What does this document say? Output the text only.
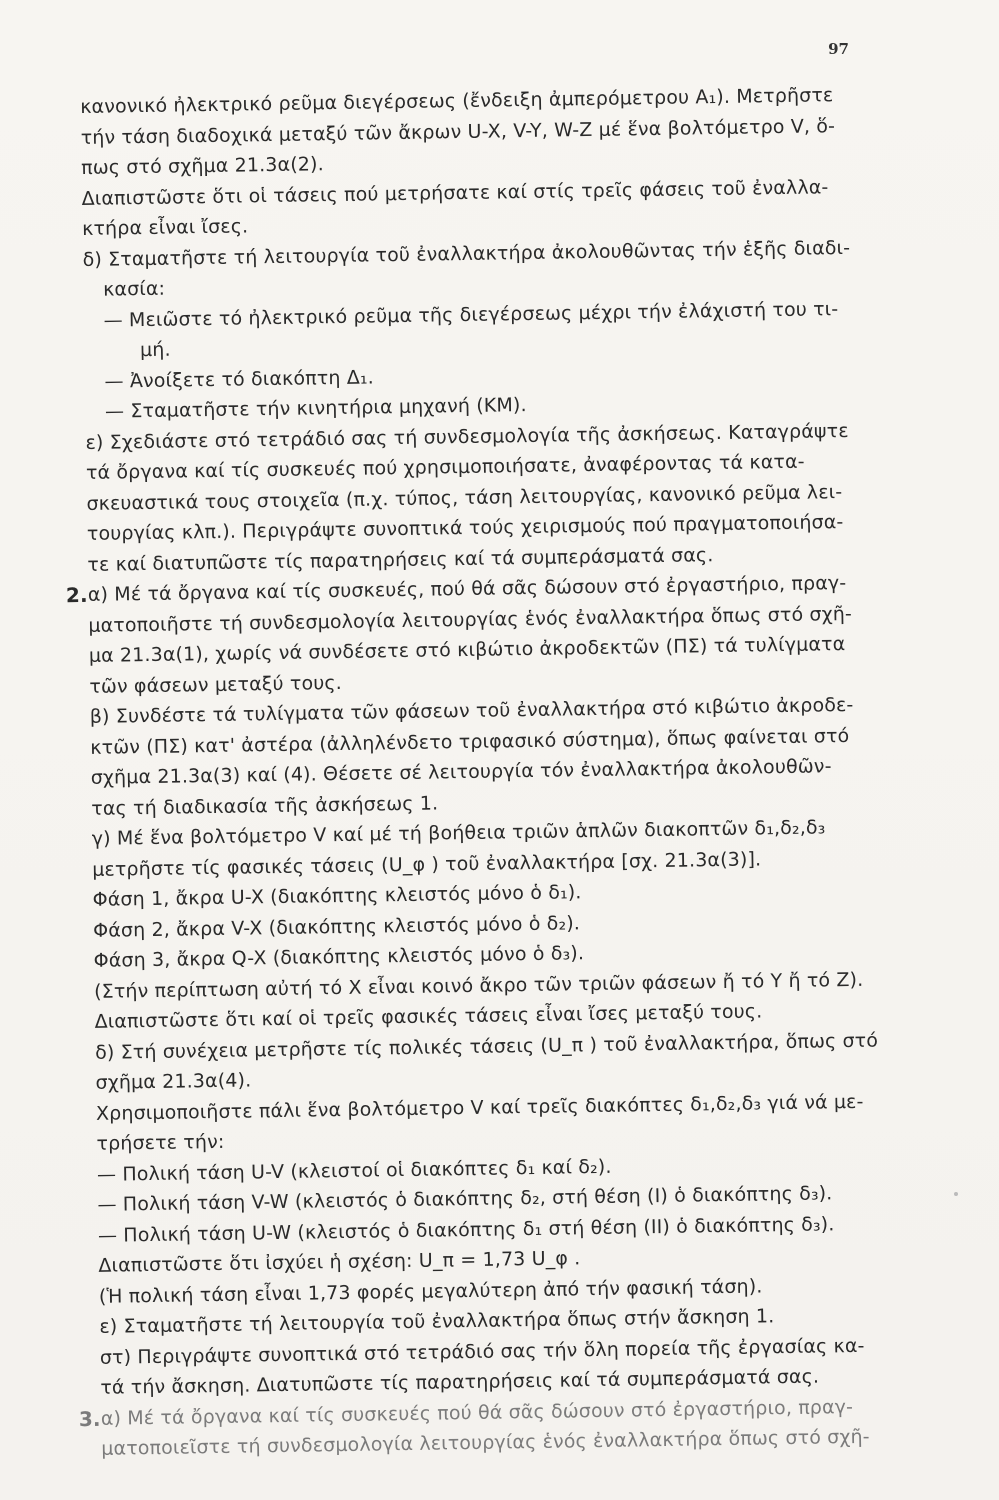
97
κανονικό ἠλεκτρικό ρεῦμα διεγέρσεως (ἔνδειξη ἀμπερόμετρου A₁). Μετρῆστε
τήν τάση διαδοχικά μεταξύ τῶν ἄκρων U-X, V-Y, W-Z μέ ἕνα βολτόμετρο V, ὅ-
πως στό σχῆμα 21.3α(2).
Διαπιστῶστε ὅτι οἱ τάσεις πού μετρήσατε καί στίς τρεῖς φάσεις τοῦ ἐναλλα-
κτήρα εἶναι ἴσες.
δ) Σταματῆστε τή λειτουργία τοῦ ἐναλλακτήρα ἀκολουθῶντας τήν ἑξῆς διαδι-
κασία:
— Μειῶστε τό ἠλεκτρικό ρεῦμα τῆς διεγέρσεως μέχρι τήν ἐλάχιστή του τι-
μή.
— Ἀνοίξετε τό διακόπτη Δ₁.
— Σταματῆστε τήν κινητήρια μηχανή (ΚΜ).
ε) Σχεδιάστε στό τετράδιό σας τή συνδεσμολογία τῆς ἀσκήσεως. Καταγράψτε
τά ὄργανα καί τίς συσκευές πού χρησιμοποιήσατε, ἀναφέροντας τά κατα-
σκευαστικά τους στοιχεῖα (π.χ. τύπος, τάση λειτουργίας, κανονικό ρεῦμα λει-
τουργίας κλπ.). Περιγράψτε συνοπτικά τούς χειρισμούς πού πραγματοποιήσα-
τε καί διατυπῶστε τίς παρατηρήσεις καί τά συμπεράσματά σας.
2. α) Μέ τά ὄργανα καί τίς συσκευές, πού θά σᾶς δώσουν στό ἐργαστήριο, πραγ-
ματοποιῆστε τή συνδεσμολογία λειτουργίας ἑνός ἐναλλακτήρα ὅπως στό σχῆ-
μα 21.3α(1), χωρίς νά συνδέσετε στό κιβώτιο ἀκροδεκτῶν (ΠΣ) τά τυλίγματα
τῶν φάσεων μεταξύ τους.
β) Συνδέστε τά τυλίγματα τῶν φάσεων τοῦ ἐναλλακτήρα στό κιβώτιο ἀκροδε-
κτῶν (ΠΣ) κατ' ἀστέρα (ἀλληλένδετο τριφασικό σύστημα), ὅπως φαίνεται στό
σχῆμα 21.3α(3) καί (4). Θέσετε σέ λειτουργία τόν ἐναλλακτήρα ἀκολουθῶν-
τας τή διαδικασία τῆς ἀσκήσεως 1.
γ) Μέ ἕνα βολτόμετρο V καί μέ τή βοήθεια τριῶν ἁπλῶν διακοπτῶν δ₁,δ₂,δ₃
μετρῆστε τίς φασικές τάσεις (U_φ ) τοῦ ἐναλλακτήρα [σχ. 21.3α(3)].
Φάση 1, ἄκρα U-X (διακόπτης κλειστός μόνο ὁ δ₁).
Φάση 2, ἄκρα V-X (διακόπτης κλειστός μόνο ὁ δ₂).
Φάση 3, ἄκρα Q-X (διακόπτης κλειστός μόνο ὁ δ₃).
(Στήν περίπτωση αὐτή τό X εἶναι κοινό ἄκρο τῶν τριῶν φάσεων ἤ τό Y ἤ τό Z).
Διαπιστῶστε ὅτι καί οἱ τρεῖς φασικές τάσεις εἶναι ἴσες μεταξύ τους.
δ) Στή συνέχεια μετρῆστε τίς πολικές τάσεις (U_π ) τοῦ ἐναλλακτήρα, ὅπως στό
σχῆμα 21.3α(4).
Χρησιμοποιῆστε πάλι ἕνα βολτόμετρο V καί τρεῖς διακόπτες δ₁,δ₂,δ₃ γιά νά με-
τρήσετε τήν:
— Πολική τάση U-V (κλειστοί οἱ διακόπτες δ₁ καί δ₂).
— Πολική τάση V-W (κλειστός ὁ διακόπτης δ₂, στή θέση (I) ὁ διακόπτης δ₃).
— Πολική τάση U-W (κλειστός ὁ διακόπτης δ₁ στή θέση (II) ὁ διακόπτης δ₃).
Διαπιστῶστε ὅτι ἰσχύει ἡ σχέση: U_π = 1,73 U_φ .
(Ἡ πολική τάση εἶναι 1,73 φορές μεγαλύτερη ἀπό τήν φασική τάση).
ε) Σταματῆστε τή λειτουργία τοῦ ἐναλλακτήρα ὅπως στήν ἄσκηση 1.
στ) Περιγράψτε συνοπτικά στό τετράδιό σας τήν ὅλη πορεία τῆς ἐργασίας κα-
τά τήν ἄσκηση. Διατυπῶστε τίς παρατηρήσεις καί τά συμπεράσματά σας.
3. α) Μέ τά ὄργανα καί τίς συσκευές πού θά σᾶς δώσουν στό ἐργαστήριο, πραγ-
ματοποιεῖστε τή συνδεσμολογία λειτουργίας ἑνός ἐναλλακτήρα ὅπως στό σχῆ-
